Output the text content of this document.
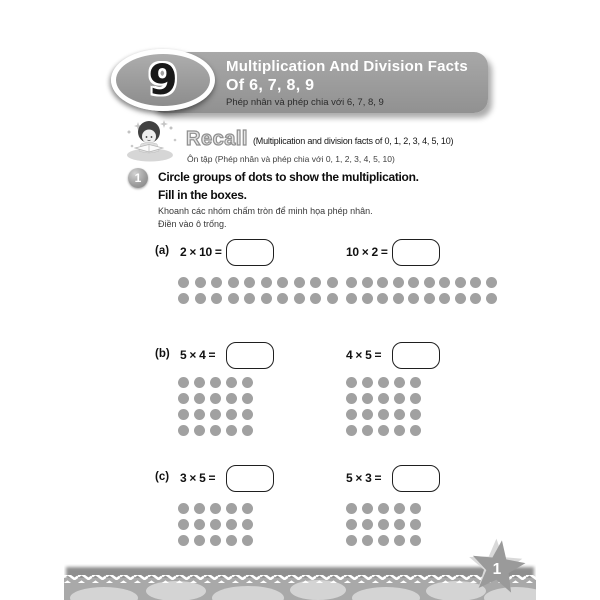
Multiplication And Division Facts
Of 6, 7, 8, 9
Phép nhân và phép chia với 6, 7, 8, 9
9
Recall (Multiplication and division facts of 0, 1, 2, 3, 4, 5, 10)
Ôn tập (Phép nhân và phép chia với 0, 1, 2, 3, 4, 5, 10)
1 Circle groups of dots to show the multiplication.
Fill in the boxes.
Khoanh các nhóm chấm tròn để minh họa phép nhân.
Điền vào ô trống.
(a) 2 × 10 =	10 × 2 =
(b) 5 × 4 =	4 × 5 =
(c) 3 × 5 =	5 × 3 =
1
